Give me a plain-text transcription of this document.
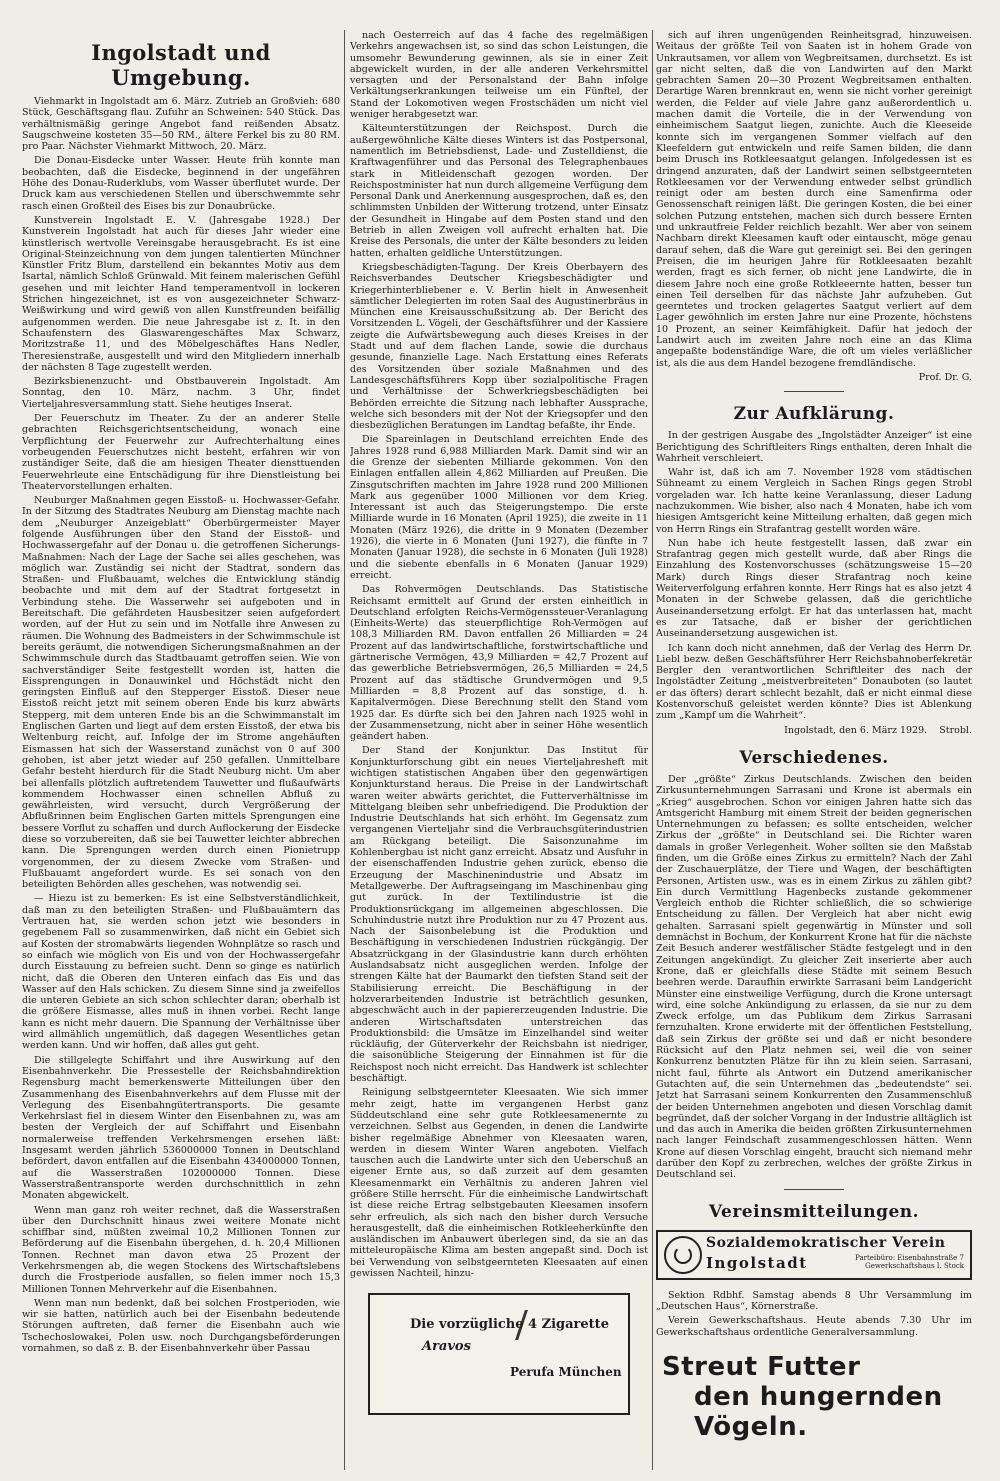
Ingolstadt und Umgebung.

Viehmarkt in Ingolstadt am 6. März. Zutrieb an Großvieh: 680 Stück, Geschäftsgang flau. Zufuhr an Schweinen: 540 Stück. Das verhältnismäßig geringe Angebot fand reißenden Absatz. Saugschweine kosteten 35—50 RM., ältere Ferkel bis zu 80 RM. pro Paar. Nächster Viehmarkt Mittwoch, 20. März.

Die Donau-Eisdecke unter Wasser. Heute früh konnte man beobachten, daß die Eisdecke, beginnend in der ungefähren Höhe des Donau-Ruderklubs, vom Wasser überflutet wurde. Der Druck kam aus verschiedenen Stellen und überschwemmte sehr rasch einen Großteil des Eises bis zur Donaubrücke.

Kunstverein Ingolstadt E. V. (Jahresgabe 1928.) Der Kunstverein Ingolstadt hat auch für dieses Jahr wieder eine künstlerisch wertvolle Vereinsgabe herausgebracht. Es ist eine Original-Steinzeichnung von dem jungen talentierten Münchner Künstler Fritz Blum, darstellend ein bekanntes Motiv aus dem Isartal, nämlich Schloß Grünwald. Mit feinem malerischen Gefühl gesehen und mit leichter Hand temperamentvoll in lockeren Strichen hingezeichnet, ist es von ausgezeichneter Schwarz-Weißwirkung und wird gewiß von allen Kunstfreunden beifällig aufgenommen werden. Die neue Jahresgabe ist z. It. in den Schaufenstern des Glaswarengeschäftes Max Schwarz, Moritzstraße 11, und des Möbelgeschäftes Hans Nedler, Theresienstraße, ausgestellt und wird den Mitgliedern innerhalb der nächsten 8 Tage zugestellt werden.

Bezirksbienenzucht- und Obstbauverein Ingolstadt. Am Sonntag, den 10. März, nachm. 3 Uhr, findet Vierteljahresversammlung statt. Siehe heutiges Inserat.

Der Feuerschutz im Theater. Zu der an anderer Stelle gebrachten Reichsgerichtsentscheidung, wonach eine Verpflichtung der Feuerwehr zur Aufrechterhaltung eines vorbeugenden Feuerschutzes nicht besteht, erfahren wir von zuständiger Seite, daß die am hiesigen Theater diensttuenden Feuerwehrleute eine Entschädigung für ihre Dienstleistung bei Theatervorstellungen erhalten.

Neuburger Maßnahmen gegen Eisstoß- u. Hochwasser-Gefahr. In der Sitzung des Stadtrates Neuburg am Dienstag machte nach dem „Neuburger Anzeigeblatt“ Oberbürgermeister Mayer folgende Ausführungen über den Stand der Eisstoß- und Hochwassergefahr auf der Donau u. die getroffenen Sicherungs-Maßnahmen: Nach der Lage der Sache sei alles geschehen, was möglich war. Zuständig sei nicht der Stadtrat, sondern das Straßen- und Flußbauamt, welches die Entwicklung ständig beobachte und mit dem auf der Stadtrat fortgesetzt in Verbindung stehe. Die Wasserwehr sei aufgeboten und in Bereitschaft. Die gefährdeten Hausbesitzer seien aufgefordert worden, auf der Hut zu sein und im Notfalle ihre Anwesen zu räumen. Die Wohnung des Badmeisters in der Schwimmschule ist bereits geräumt, die notwendigen Sicherungsmaßnahmen an der Schwimmschule durch das Stadtbauamt getroffen seien. Wie von sachverständiger Seite festgestellt worden ist, hatten die Eissprengungen in Donauwinkel und Höchstädt nicht den geringsten Einfluß auf den Stepperger Eisstoß. Dieser neue Eisstoß reicht jetzt mit seinem oberen Ende bis kurz abwärts Stepperg, mit dem unteren Ende bis an die Schwimmanstalt im Englischen Garten und liegt auf dem ersten Eisstoß, der etwa bis Weltenburg reicht, auf. Infolge der im Strome angehäuften Eismassen hat sich der Wasserstand zunächst von 0 auf 300 gehoben, ist aber jetzt wieder auf 250 gefallen. Unmittelbare Gefahr besteht hierdurch für die Stadt Neuburg nicht. Um aber bei allenfalls plötzlich auftretendem Tauwetter und flußaufwärts kommendem Hochwasser einen schnellen Abfluß zu gewährleisten, wird versucht, durch Vergrößerung der Abflußrinnen beim Englischen Garten mittels Sprengungen eine bessere Vorflut zu schaffen und durch Auflockerung der Eisdecke diese so vorzubereiten, daß sie bei Tauwetter leichter abbrechen kann. Die Sprengungen werden durch einen Pionietrupp vorgenommen, der zu diesem Zwecke vom Straßen- und Flußbauamt angefordert wurde. Es sei sonach von den beteiligten Behörden alles geschehen, was notwendig sei.

— Hiezu ist zu bemerken: Es ist eine Selbstverständlichkeit, daß man zu den beteiligten Straßen- und Flußbauämtern das Vertrauen hat, sie werden schon jetzt wie besonders in gegebenem Fall so zusammenwirken, daß nicht ein Gebiet sich auf Kosten der stromabwärts liegenden Wohnplätze so rasch und so einfach wie möglich von Eis und von der Hochwassergefahr durch Eisstauung zu befreien sucht. Denn so ginge es natürlich nicht, daß die Oberen den Unteren einfach das Eis und das Wasser auf den Hals schicken. Zu diesem Sinne sind ja zweifellos die unteren Gebiete an sich schon schlechter daran; oberhalb ist die größere Eismasse, alles muß in ihnen vorbei. Recht lange kann es nicht mehr dauern. Die Spannung der Verhältnisse über wird allmählich ungemütlich, daß dagegen Wesentliches getan werden kann. Und wir hoffen, daß alles gut geht.

Die stillgelegte Schiffahrt und ihre Auswirkung auf den Eisenbahnverkehr. Die Pressestelle der Reichsbahndirektion Regensburg macht bemerkenswerte Mitteilungen über den Zusammenhang des Eisenbahnverkehrs auf dem Flusse mit der Verlegung des Eisenbahngütertransports. Die gesamte Verkehrslast fiel in diesem Winter den Eisenbahnen zu, was am besten der Vergleich der auf Schiffahrt und Eisenbahn normalerweise treffenden Verkehrsmengen ersehen läßt: Insgesamt werden jährlich 536000000 Tonnen in Deutschland befördert, davon entfallen auf die Eisenbahn 434000000 Tonnen, auf die Wasserstraßen 102000000 Tonnen. Diese Wasserstraßentransporte werden durchschnittlich in zehn Monaten abgewickelt.

Wenn man ganz roh weiter rechnet, daß die Wasserstraßen über den Durchschnitt hinaus zwei weitere Monate nicht schiffbar sind, müßten zweimal 10,2 Millionen Tonnen zur Beförderung auf die Eisenbahn übergehen, d. h. 20,4 Millionen Tonnen. Rechnet man davon etwa 25 Prozent der Verkehrsmengen ab, die wegen Stockens des Wirtschaftslebens durch die Frostperiode ausfallen, so fielen immer noch 15,3 Millionen Tonnen Mehrverkehr auf die Eisenbahnen.

Wenn man nun bedenkt, daß bei solchen Frostperioden, wie wir sie hatten, natürlich auch bei der Eisenbahn bedeutende Störungen auftreten, daß ferner die Eisenbahn auch wie Tschechoslowakei, Polen usw. noch Durchgangsbeförderungen vornahmen, so daß z. B. der Eisenbahnverkehr über Passau

nach Oesterreich auf das 4 fache des regelmäßigen Verkehrs angewachsen ist, so sind das schon Leistungen, die umsomehr Bewunderung gewinnen, als sie in einer Zeit abgewickelt wurden, in der alle anderen Verkehrsmittel versagten und der Personalstand der Bahn infolge Verkältungserkrankungen teilweise um ein Fünftel, der Stand der Lokomotiven wegen Frostschäden um nicht viel weniger herabgesetzt war.

Kälteunterstützungen der Reichspost. Durch die außergewöhnliche Kälte dieses Winters ist das Postpersonal, namentlich im Betriebsdienst, Lade- und Zustelldienst, die Kraftwagenführer und das Personal des Telegraphenbaues stark in Mitleidenschaft gezogen worden. Der Reichspostminister hat nun durch allgemeine Verfügung dem Personal Dank und Anerkennung ausgesprochen, daß es, den schlimmsten Unbilden der Witterung trotzend, unter Einsatz der Gesundheit in Hingabe auf dem Posten stand und den Betrieb in allen Zweigen voll aufrecht erhalten hat. Die Kreise des Personals, die unter der Kälte besonders zu leiden hatten, erhalten geldliche Unterstützungen.

Kriegsbeschädigten-Tagung. Der Kreis Oberbayern des Reichsverbandes Deutscher Kriegsbeschädigter und Kriegerhinterbliebener e. V. Berlin hielt in Anwesenheit sämtlicher Delegierten im roten Saal des Augustinerbräus in München eine Kreisausschußsitzung ab. Der Bericht des Vorsitzenden L. Vögeli, der Geschäftsführer und der Kassiere zeigte die Aufwärtsbewegung auch dieses Kreises in der Stadt und auf dem flachen Lande, sowie die durchaus gesunde, finanzielle Lage. Nach Erstattung eines Referats des Vorsitzenden über soziale Maßnahmen und des Landesgeschäftsführers Kopp über sozialpolitische Fragen und Verhältnisse der Schwerkriegsbeschädigten bei Behörden erreichte die Sitzung nach lebhafter Aussprache, welche sich besonders mit der Not der Kriegsopfer und den diesbezüglichen Beratungen im Landtag befaßte, ihr Ende.

Die Spareinlagen in Deutschland erreichten Ende des Jahres 1928 rund 6,988 Milliarden Mark. Damit sind wir an die Grenze der siebenten Milliarde gekommen. Von den Einlagen entfallen allein 4,862 Milliarden auf Preußen. Die Zinsgutschriften machten im Jahre 1928 rund 200 Millionen Mark aus gegenüber 1000 Millionen vor dem Krieg. Interessant ist auch das Steigerungstempo. Die erste Milliarde wurde in 16 Monaten (April 1925), die zweite in 11 Monaten (März 1926), die dritte in 9 Monaten (Dezember 1926), die vierte in 6 Monaten (Juni 1927), die fünfte in 7 Monaten (Januar 1928), die sechste in 6 Monaten (Juli 1928) und die siebente ebenfalls in 6 Monaten (Januar 1929) erreicht.

Das Rohvermögen Deutschlands. Das Statistische Reichsamt ermittelt auf Grund der ersten einheitlich in Deutschland erfolgten Reichs-Vermögenssteuer-Veranlagung (Einheits-Werte) das steuerpflichtige Roh-Vermögen auf 108,3 Milliarden RM. Davon entfallen 26 Milliarden = 24 Prozent auf das landwirtschaftliche, forstwirtschaftliche und gärtnerische Vermögen, 43,9 Milliarden = 42,7 Prozent auf das gewerbliche Betriebsvermögen, 26,5 Milliarden = 24,5 Prozent auf das städtische Grundvermögen und 9,5 Milliarden = 8,8 Prozent auf das sonstige, d. h. Kapitalvermögen. Diese Berechnung stellt den Stand vom 1925 dar. Es dürfte sich bei den Jahren nach 1925 wohl in der Zusammensetzung, nicht aber in seiner Höhe wesentlich geändert haben.

Der Stand der Konjunktur. Das Institut für Konjunkturforschung gibt ein neues Vierteljahresheft mit wichtigen statistischen Angaben über den gegenwärtigen Konjunkturstand heraus. Die Preise in der Landwirtschaft waren weiter abwärts gerichtet, die Futterverhältnisse im Mittelgang bleiben sehr unbefriedigend. Die Produktion der Industrie Deutschlands hat sich erhöht. Im Gegensatz zum vergangenen Vierteljahr sind die Verbrauchsgüterindustrien am Rückgang beteiligt. Die Saisonzunahme im Kohlenbergbau ist nicht ganz erreicht. Absatz und Ausfuhr in der eisenschaffenden Industrie gehen zurück, ebenso die Erzeugung der Maschinenindustrie und Absatz im Metallgewerbe. Der Auftragseingang im Maschinenbau ging gut zurück. In der Textilindustrie ist die Produktionsrückgang im allgemeinen abgeschlossen. Die Schuhindustrie nutzt ihre Produktion nur zu 47 Prozent aus. Nach der Saisonbelebung ist die Produktion und Beschäftigung in verschiedenen Industrien rückgängig. Der Absatzrückgang in der Glasindustrie kann durch erhöhten Auslandsabsatz nicht ausgeglichen werden. Infolge der strengen Kälte hat der Baumarkt den tiefsten Stand seit der Stabilisierung erreicht. Die Beschäftigung in der holzverarbeitenden Industrie ist beträchtlich gesunken, abgeschwächt auch in der papiererzeugenden Industrie. Die anderen Wirtschaftsdaten unterstreichen das Produktionsbild: die Umsätze im Einzelhandel sind weiter rückläufig, der Güterverkehr der Reichsbahn ist niedriger, die saisonübliche Steigerung der Einnahmen ist für die Reichspost noch nicht erreicht. Das Handwerk ist schlechter beschäftigt.

Reinigung selbstgeernteter Kleesaaten. Wie sich immer mehr zeigt, hatte im vergangenen Herbst ganz Süddeutschland eine sehr gute Rotkleesamenernte zu verzeichnen. Selbst aus Gegenden, in denen die Landwirte bisher regelmäßige Abnehmer von Kleesaaten waren, werden in diesem Winter Waren angeboten. Vielfach tauschen auch die Landwirte unter sich den Ueberschuß an eigener Ernte aus, so daß zurzeit auf dem gesamten Kleesamenmarkt ein Verhältnis zu anderen Jahren viel größere Stille herrscht. Für die einheimische Landwirtschaft ist diese reiche Ertrag selbstgebauten Kleesamen insofern sehr erfreulich, als sich nach den bisher durch Versuche herausgestellt, daß die einheimischen Rotkleeherkünfte den ausländischen im Anbauwert überlegen sind, da sie an das mitteleuropäische Klima am besten angepaßt sind. Doch ist bei Verwendung von selbstgeernteten Kleesaaten auf einen gewissen Nachteil, hinzu-

Die vorzügliche 4 Zigarette
Aravos
Perufa München

sich auf ihren ungenügenden Reinheitsgrad, hinzuweisen. Weitaus der größte Teil von Saaten ist in hohem Grade von Unkrautsamen, vor allem von Wegbreitsamen, durchsetzt. Es ist gar nicht selten, daß die von Landwirten auf den Markt gebrachten Samen 20—30 Prozent Wegbreitsamen enthalten. Derartige Waren brennkraut en, wenn sie nicht vorher gereinigt werden, die Felder auf viele Jahre ganz außerordentlich u. machen damit die Vorteile, die in der Verwendung von einheimischem Saatgut liegen, zunichte. Auch die Kleeseide konnte sich im vergangenen Sommer vielfach auf den Kleefeldern gut entwickeln und reife Samen bilden, die dann beim Drusch ins Rotkleesaatgut gelangen. Infolgedessen ist es dringend anzuraten, daß der Landwirt seinen selbstgeernteten Rotkleesamen vor der Verwendung entweder selbst gründlich reinigt oder am besten durch eine Samenfirma oder Genossenschaft reinigen läßt. Die geringen Kosten, die bei einer solchen Putzung entstehen, machen sich durch bessere Ernten und unkrautfreie Felder reichlich bezahlt. Wer aber von seinem Nachbarn direkt Kleesamen kauft oder eintauscht, möge genau darauf sehen, daß die Ware gut gereinigt sei. Bei den geringen Preisen, die im heurigen Jahre für Rotkleesaaten bezahlt werden, fragt es sich ferner, ob nicht jene Landwirte, die in diesem Jahre noch eine große Rotkleeernte hatten, besser tun einen Teil derselben für das nächste Jahr aufzuheben. Gut geerntetes und trocken gelagertes Saatgut verliert auf dem Lager gewöhnlich im ersten Jahre nur eine Prozente, höchstens 10 Prozent, an seiner Keimfähigkeit. Dafür hat jedoch der Landwirt auch im zweiten Jahre noch eine an das Klima angepaßte bodenständige Ware, die oft um vieles verläßlicher ist, als die aus dem Handel bezogene fremdländische.

Prof. Dr. G.

Zur Aufklärung.

In der gestrigen Ausgabe des „Ingolstädter Anzeiger“ ist eine Berichtigung des Schriftleiters Rings enthalten, deren Inhalt die Wahrheit verschleiert.

Wahr ist, daß ich am 7. November 1928 vom städtischen Sühneamt zu einem Vergleich in Sachen Rings gegen Strobl vorgeladen war. Ich hatte keine Veranlassung, dieser Ladung nachzukommen. Wie bisher, also nach 4 Monaten, habe ich vom hiesigen Amtsgericht keine Mitteilung erhalten, daß gegen mich von Herrn Rings ein Strafantrag gestellt worden wäre.

Nun habe ich heute festgestellt lassen, daß zwar ein Strafantrag gegen mich gestellt wurde, daß aber Rings die Einzahlung des Kostenvorschusses (schätzungsweise 15—20 Mark) durch Rings dieser Strafantrag noch keine Weiterverfolgung erfahren konnte. Herr Rings hat es also jetzt 4 Monaten in der Schwebe gelassen, daß die gerichtliche Auseinandersetzung erfolgt. Er hat das unterlassen hat, macht es zur Tatsache, daß er bisher der gerichtlichen Auseinandersetzung ausgewichen ist.

Ich kann doch nicht annehmen, daß der Verlag des Herrn Dr. Liebl bezw. deßen Geschäftsführer Herr Reichsbahnoberfekretär Bergler den verantwortlichen Schriftleiter des nach der Ingolstädter Zeitung „meistverbreiteten“ Donauboten (so lautet er das öfters) derart schlecht bezahlt, daß er nicht einmal diese Kostenvorschuß geleistet werden könnte? Dies ist Ablenkung zum „Kampf um die Wahrheit“.

Ingolstadt, den 6. März 1929. Strobl.

Verschiedenes.

Der „größte“ Zirkus Deutschlands. Zwischen den beiden Zirkusunternehmungen Sarrasani und Krone ist abermals ein „Krieg“ ausgebrochen. Schon vor einigen Jahren hatte sich das Amtsgericht Hamburg mit einem Streit der beiden gegnerischen Unternehmungen zu befassen; es sollte entscheiden, welcher Zirkus der „größte“ in Deutschland sei. Die Richter waren damals in großer Verlegenheit. Woher sollten sie den Maßstab finden, um die Größe eines Zirkus zu ermitteln? Nach der Zahl der Zuschauerplätze, der Tiere und Wagen, der beschäftigten Personen, Artisten usw., was es in einem Zirkus zu zählen gibt? Ein durch Vermittlung Hagenbecks zustande gekommener Vergleich enthob die Richter schließlich, die so schwierige Entscheidung zu fällen. Der Vergleich hat aber nicht ewig gehalten. Sarrasani spielt gegenwärtig in Münster und soll demnächst in Bochum, der Konkurrent Krone hat für die nächste Zeit Besuch anderer westfälischer Städte festgelegt und in den Zeitungen angekündigt. Zu gleicher Zeit inserierte aber auch Krone, daß er gleichfalls diese Städte mit seinem Besuch beehren werde. Daraufhin erwirkte Sarrasani beim Landgericht Münster eine einstweilige Verfügung, durch die Krone untersagt wird, eine solche Ankündigung zu erlassen, da sie nur zu dem Zweck erfolge, um das Publikum dem Zirkus Sarrasani fernzuhalten. Krone erwiderte mit der öffentlichen Feststellung, daß sein Zirkus der größte sei und daß er nicht besondere Rücksicht auf den Platz nehmen sei, weil die von seiner Konkurrenz benutzten Plätze für ihn zu klein seien. Sarrasani, nicht faul, führte als Antwort ein Dutzend amerikanischer Gutachten auf, die sein Unternehmen das „bedeutendste“ sei. Jetzt hat Sarrasani seinem Konkurrenten den Zusammenschluß der beiden Unternehmen angeboten und diesen Vorschlag damit begründet, daß der solcher Vorgang in der Industrie alltäglich ist und das auch in Amerika die beiden größten Zirkusunternehmen nach langer Feindschaft zusammengeschlossen hätten. Wenn Krone auf diesen Vorschlag eingeht, braucht sich niemand mehr darüber den Kopf zu zerbrechen, welches der größte Zirkus in Deutschland sei.

Vereinsmitteilungen.
Sozialdemokratischer Verein
Ingolstadt	Parteibüro: Eisenbahnstraße 7 Gewerkschaftshaus I. Stock

Sektion Rdbhf. Samstag abends 8 Uhr Versammlung im „Deutschen Haus“, Körnerstraße.

Verein Gewerkschaftshaus. Heute abends 7.30 Uhr im Gewerkschaftshaus ordentliche Generalversammlung.

Streut Futter
den hungernden Vögeln.
